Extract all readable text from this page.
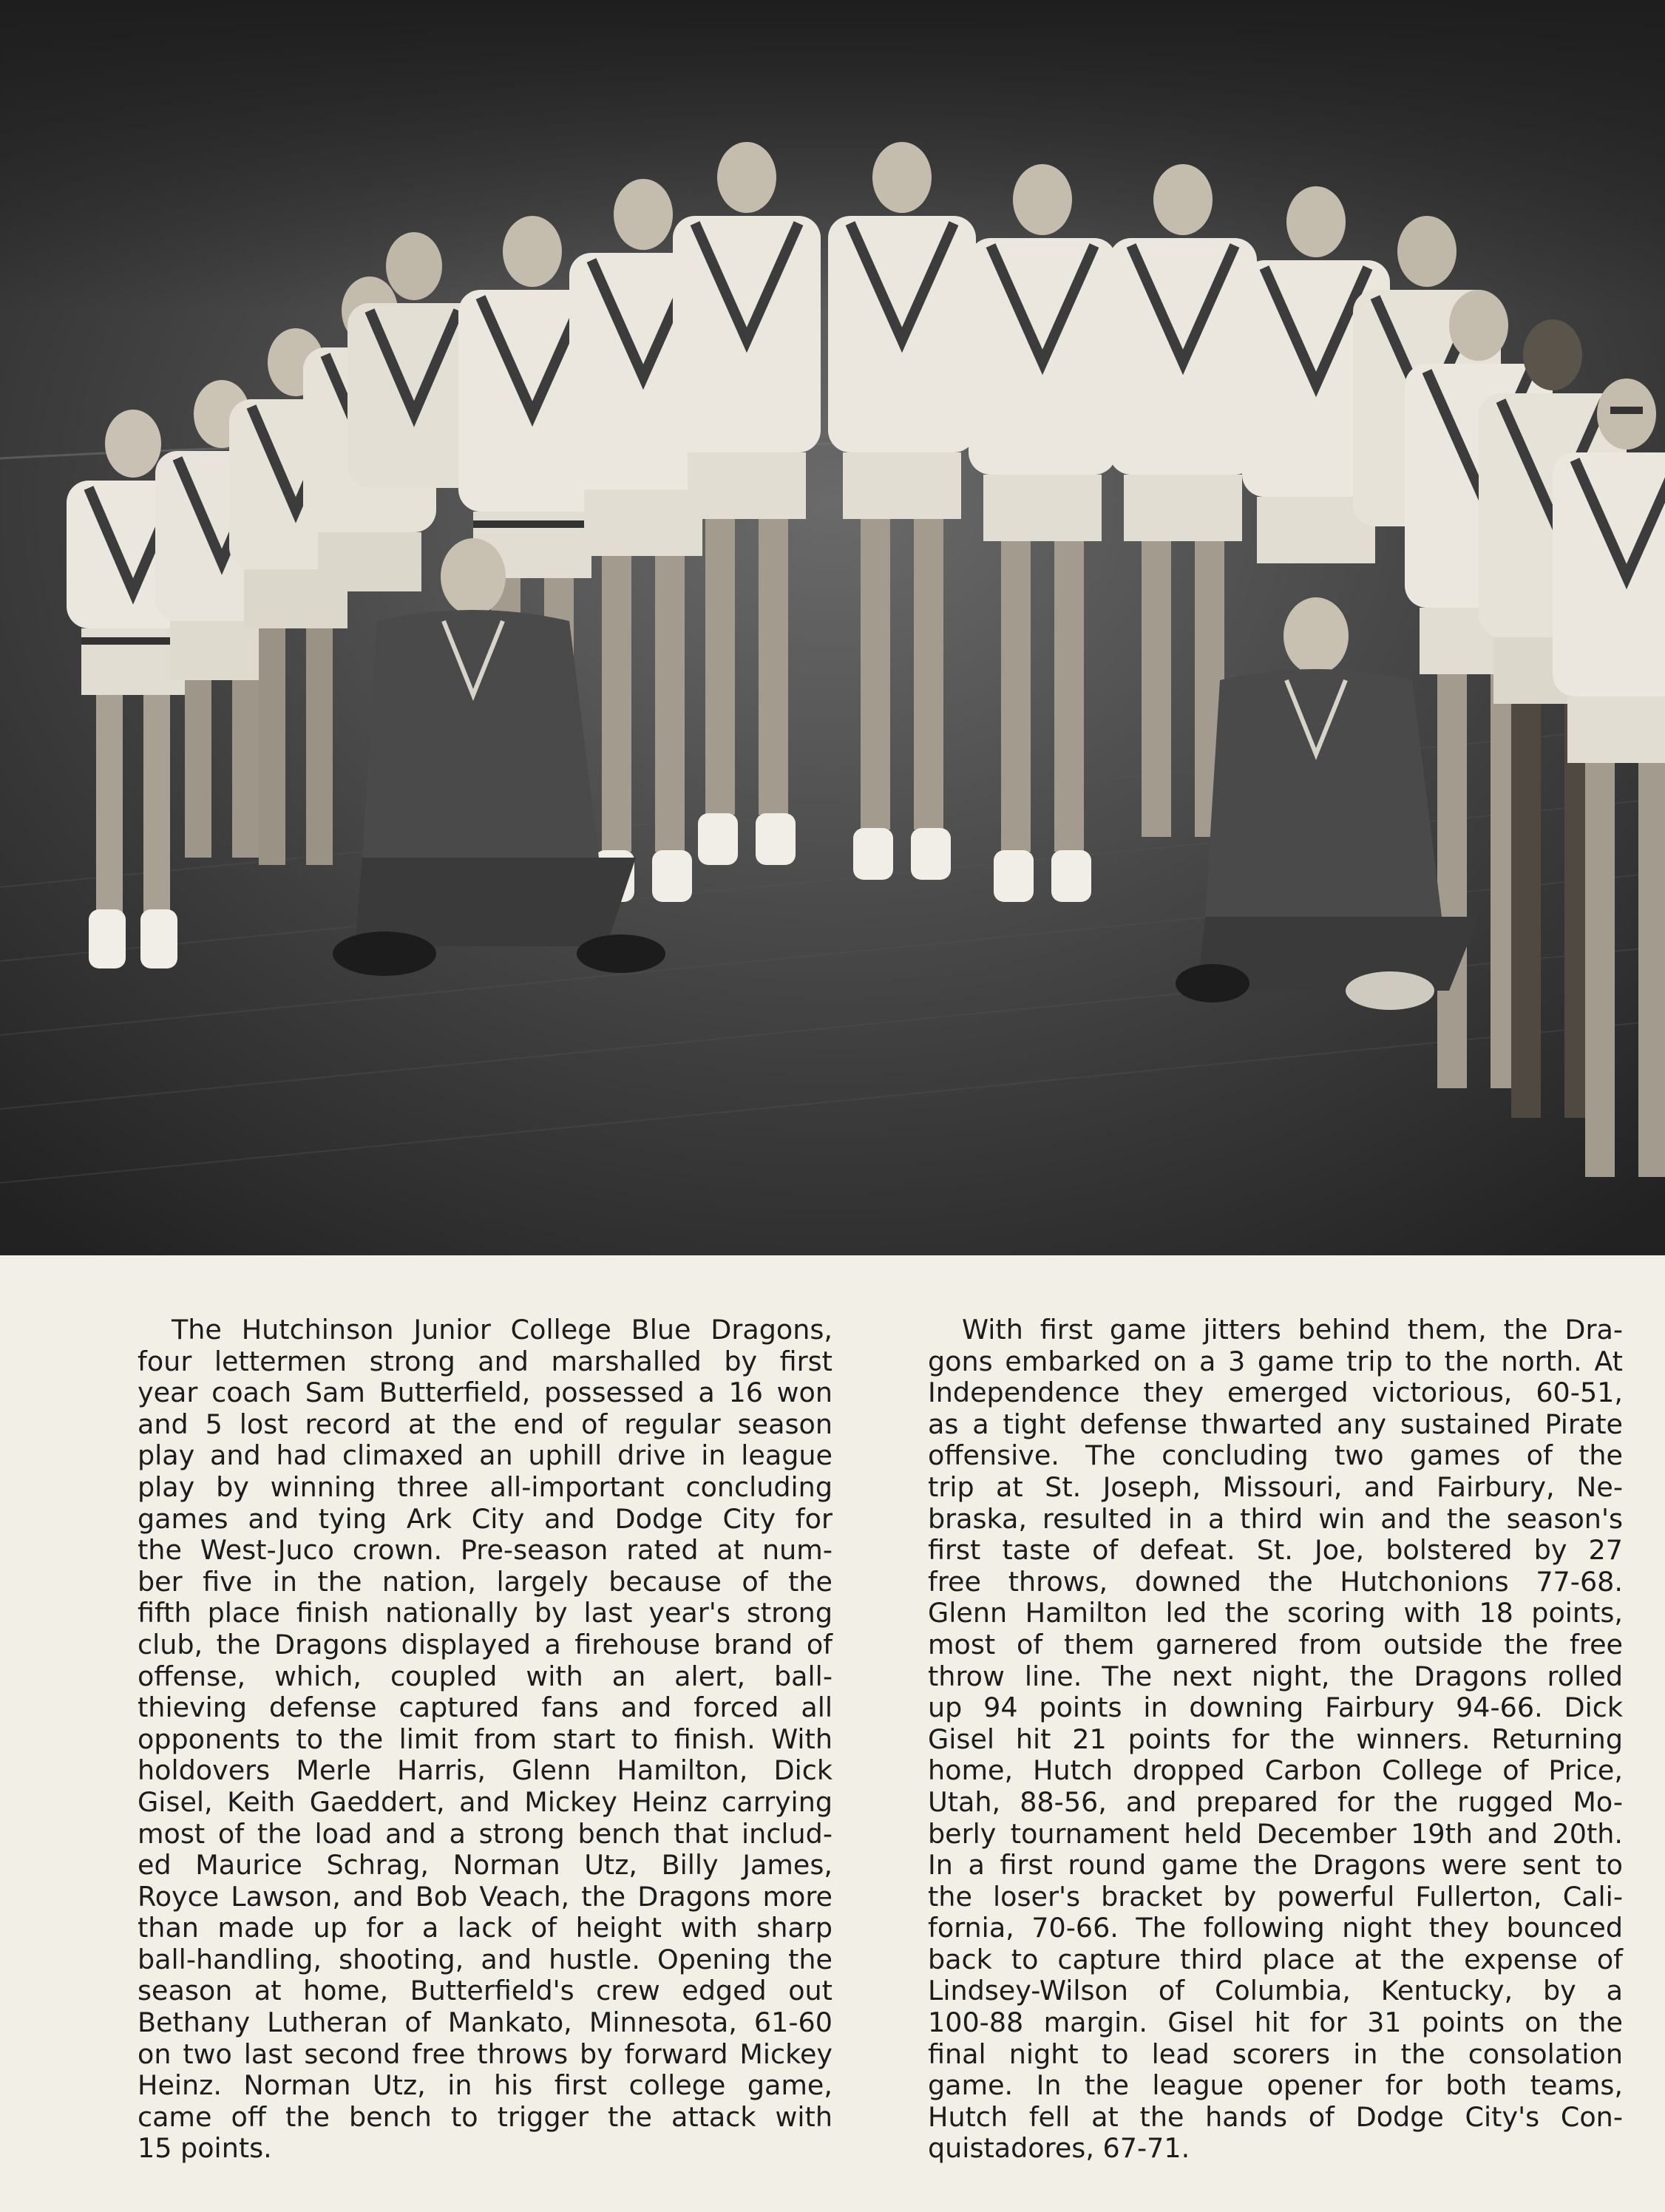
The Hutchinson Junior College Blue Dragons,

four lettermen strong and marshalled by first

year coach Sam Butterfield, possessed a 16 won

and 5 lost record at the end of regular season

play and had climaxed an uphill drive in league

play by winning three all-important concluding

games and tying Ark City and Dodge City for

the West-Juco crown. Pre-season rated at num-

ber five in the nation, largely because of the

fifth place finish nationally by last year's strong

club, the Dragons displayed a firehouse brand of

offense, which, coupled with an alert, ball-

thieving defense captured fans and forced all

opponents to the limit from start to finish. With

holdovers Merle Harris, Glenn Hamilton, Dick

Gisel, Keith Gaeddert, and Mickey Heinz carrying

most of the load and a strong bench that includ-

ed Maurice Schrag, Norman Utz, Billy James,

Royce Lawson, and Bob Veach, the Dragons more

than made up for a lack of height with sharp

ball-handling, shooting, and hustle. Opening the

season at home, Butterfield's crew edged out

Bethany Lutheran of Mankato, Minnesota, 61-60

on two last second free throws by forward Mickey

Heinz. Norman Utz, in his first college game,

came off the bench to trigger the attack with

15 points.

With first game jitters behind them, the Dra-

gons embarked on a 3 game trip to the north. At

Independence they emerged victorious, 60-51,

as a tight defense thwarted any sustained Pirate

offensive. The concluding two games of the

trip at St. Joseph, Missouri, and Fairbury, Ne-

braska, resulted in a third win and the season's

first taste of defeat. St. Joe, bolstered by 27

free throws, downed the Hutchonions 77-68.

Glenn Hamilton led the scoring with 18 points,

most of them garnered from outside the free

throw line. The next night, the Dragons rolled

up 94 points in downing Fairbury 94-66. Dick

Gisel hit 21 points for the winners. Returning

home, Hutch dropped Carbon College of Price,

Utah, 88-56, and prepared for the rugged Mo-

berly tournament held December 19th and 20th.

In a first round game the Dragons were sent to

the loser's bracket by powerful Fullerton, Cali-

fornia, 70-66. The following night they bounced

back to capture third place at the expense of

Lindsey-Wilson of Columbia, Kentucky, by a

100-88 margin. Gisel hit for 31 points on the

final night to lead scorers in the consolation

game. In the league opener for both teams,

Hutch fell at the hands of Dodge City's Con-

quistadores, 67-71.
